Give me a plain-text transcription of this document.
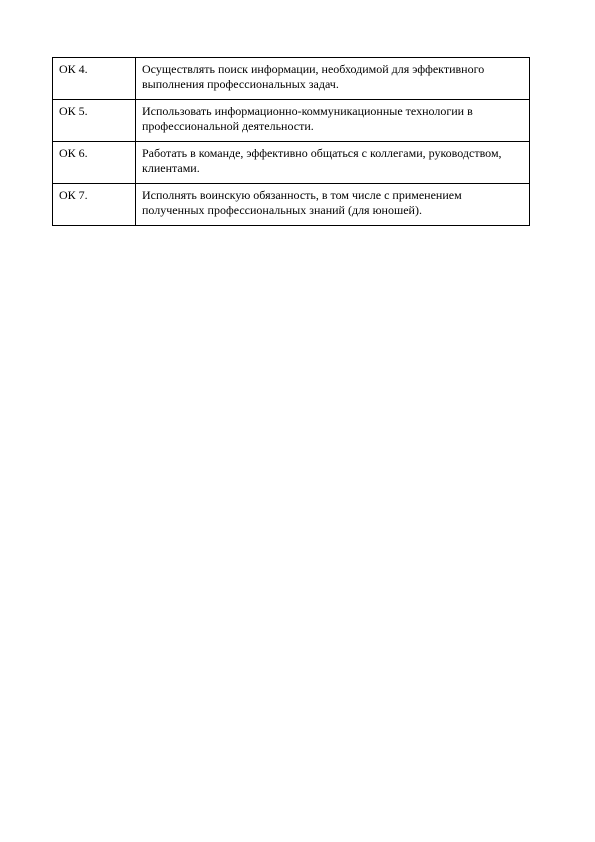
ОК 4.	Осуществлять поиск информации, необходимой для эффективного выполнения профессиональных задач.
ОК 5.	Использовать информационно-коммуникационные технологии в профессиональной деятельности.
ОК 6.	Работать в команде, эффективно общаться с коллегами, руководством, клиентами.
ОК 7.	Исполнять воинскую обязанность, в том числе с применением полученных профессиональных знаний (для юношей).
